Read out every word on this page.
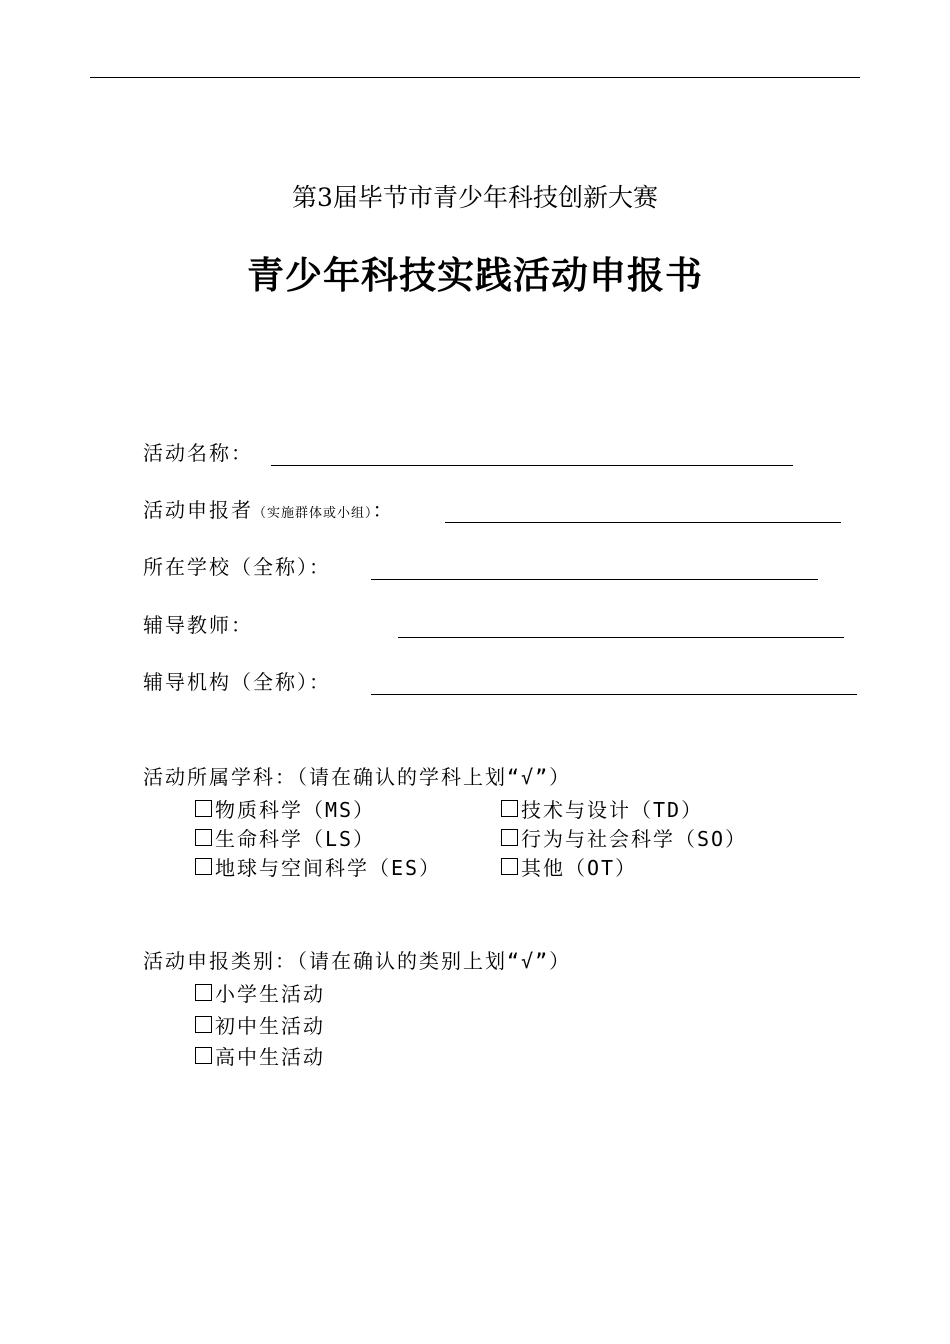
第3届毕节市青少年科技创新大赛
青少年科技实践活动申报书
活动名称：
活动申报者（实施群体或小组）：
所在学校（全称）：
辅导教师：
辅导机构（全称）：
活动所属学科：（请在确认的学科上划“√”）
物质科学（MS）	技术与设计（TD）
生命科学（LS）	行为与社会科学（SO）
地球与空间科学（ES）	其他（OT）
活动申报类别：（请在确认的类别上划“√”）
小学生活动
初中生活动
高中生活动
